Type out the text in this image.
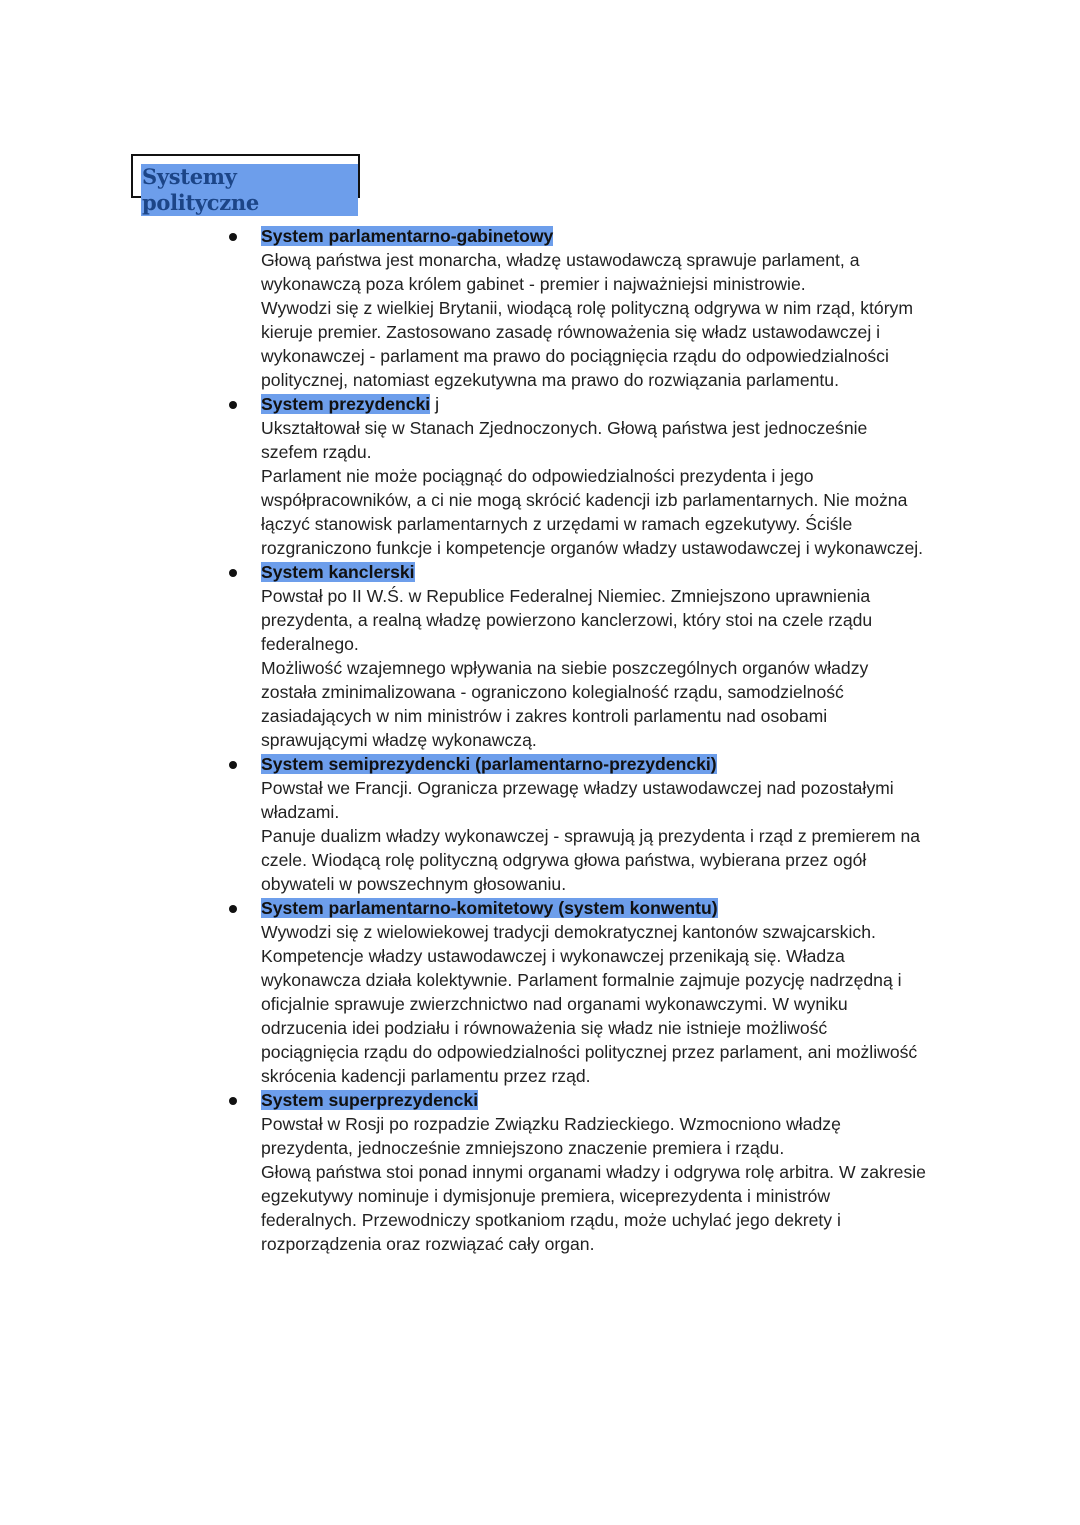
Systemy polityczne
System parlamentarno-gabinetowy
Głową państwa jest monarcha, władzę ustawodawczą sprawuje parlament, a
wykonawczą poza królem gabinet - premier i najważniejsi ministrowie.
Wywodzi się z wielkiej Brytanii, wiodącą rolę polityczną odgrywa w nim rząd, którym
kieruje premier. Zastosowano zasadę równoważenia się władz ustawodawczej i
wykonawczej - parlament ma prawo do pociągnięcia rządu do odpowiedzialności
politycznej, natomiast egzekutywna ma prawo do rozwiązania parlamentu.
System prezydencki j
Ukształtował się w Stanach Zjednoczonych. Głową państwa jest jednocześnie
szefem rządu.
Parlament nie może pociągnąć do odpowiedzialności prezydenta i jego
współpracowników, a ci nie mogą skrócić kadencji izb parlamentarnych. Nie można
łączyć stanowisk parlamentarnych z urzędami w ramach egzekutywy. Ściśle
rozgraniczono funkcje i kompetencje organów władzy ustawodawczej i wykonawczej.
System kanclerski
Powstał po II W.Ś. w Republice Federalnej Niemiec. Zmniejszono uprawnienia
prezydenta, a realną władzę powierzono kanclerzowi, który stoi na czele rządu
federalnego.
Możliwość wzajemnego wpływania na siebie poszczególnych organów władzy
została zminimalizowana - ograniczono kolegialność rządu, samodzielność
zasiadających w nim ministrów i zakres kontroli parlamentu nad osobami
sprawującymi władzę wykonawczą.
System semiprezydencki (parlamentarno-prezydencki)
Powstał we Francji. Ogranicza przewagę władzy ustawodawczej nad pozostałymi
władzami.
Panuje dualizm władzy wykonawczej - sprawują ją prezydenta i rząd z premierem na
czele. Wiodącą rolę polityczną odgrywa głowa państwa, wybierana przez ogół
obywateli w powszechnym głosowaniu.
System parlamentarno-komitetowy (system konwentu)
Wywodzi się z wielowiekowej tradycji demokratycznej kantonów szwajcarskich.
Kompetencje władzy ustawodawczej i wykonawczej przenikają się. Władza
wykonawcza działa kolektywnie. Parlament formalnie zajmuje pozycję nadrzędną i
oficjalnie sprawuje zwierzchnictwo nad organami wykonawczymi. W wyniku
odrzucenia idei podziału i równoważenia się władz nie istnieje możliwość
pociągnięcia rządu do odpowiedzialności politycznej przez parlament, ani możliwość
skrócenia kadencji parlamentu przez rząd.
System superprezydencki
Powstał w Rosji po rozpadzie Związku Radzieckiego. Wzmocniono władzę
prezydenta, jednocześnie zmniejszono znaczenie premiera i rządu.
Głową państwa stoi ponad innymi organami władzy i odgrywa rolę arbitra. W zakresie
egzekutywy nominuje i dymisjonuje premiera, wiceprezydenta i ministrów
federalnych. Przewodniczy spotkaniom rządu, może uchylać jego dekrety i
rozporządzenia oraz rozwiązać cały organ.
